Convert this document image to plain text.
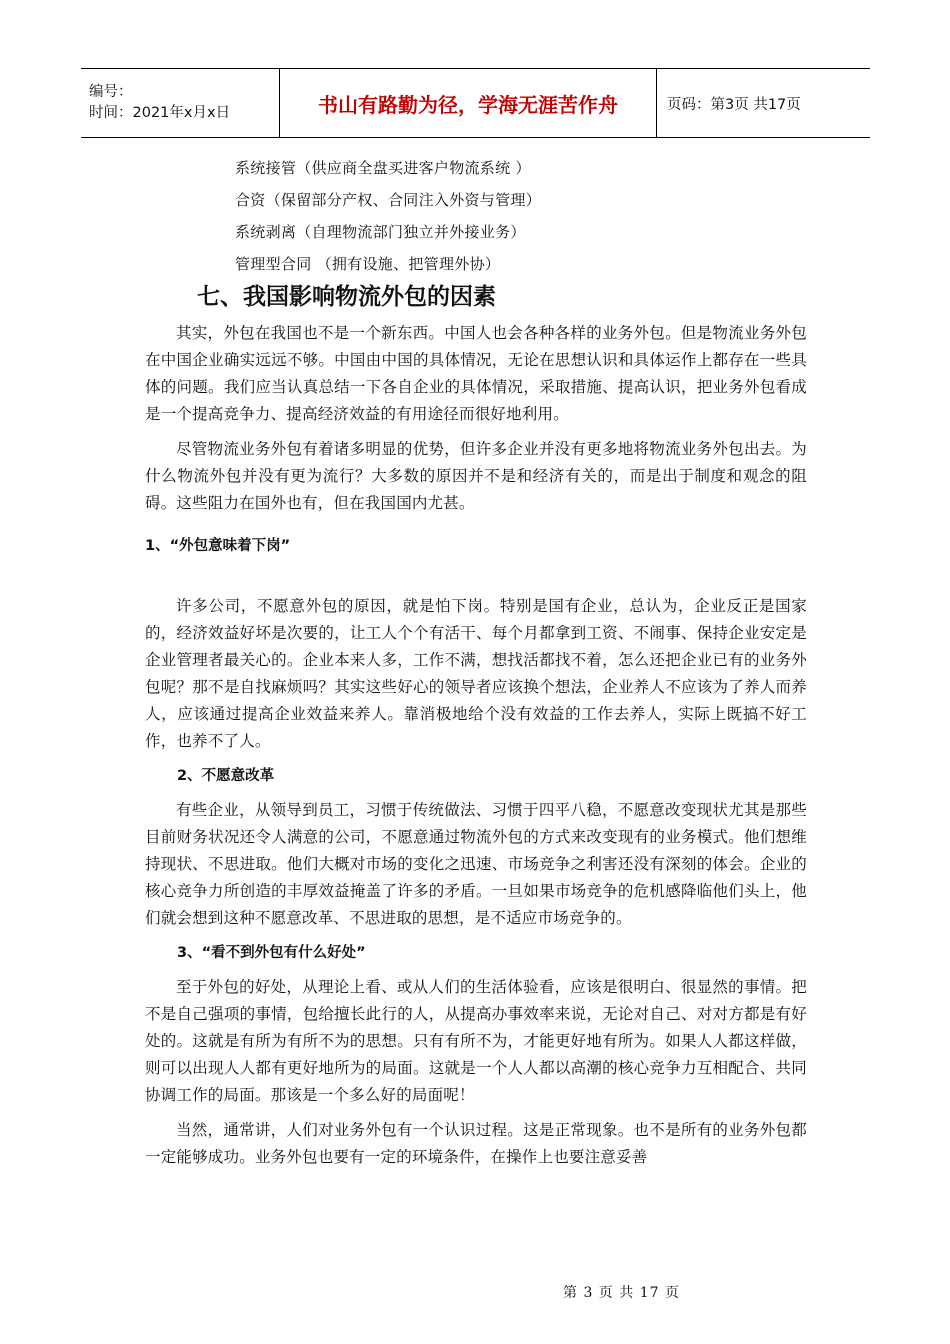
编号：
时间：2021年x月x日	书山有路勤为径，学海无涯苦作舟	页码：第3页 共17页
系统接管（供应商全盘买进客户物流系统 ）
合资（保留部分产权、合同注入外资与管理）
系统剥离（自理物流部门独立并外接业务）
管理型合同 （拥有设施、把管理外协）
七、我国影响物流外包的因素

其实，外包在我国也不是一个新东西。中国人也会各种各样的业务外包。但是物流业务外包在中国企业确实远远不够。中国由中国的具体情况，无论在思想认识和具体运作上都存在一些具体的问题。我们应当认真总结一下各自企业的具体情况，采取措施、提高认识，把业务外包看成是一个提高竞争力、提高经济效益的有用途径而很好地利用。

尽管物流业务外包有着诸多明显的优势，但许多企业并没有更多地将物流业务外包出去。为什么物流外包并没有更为流行？大多数的原因并不是和经济有关的，而是出于制度和观念的阻碍。这些阻力在国外也有，但在我国国内尤甚。

1、“外包意味着下岗”

许多公司，不愿意外包的原因，就是怕下岗。特别是国有企业，总认为，企业反正是国家的，经济效益好坏是次要的，让工人个个有活干、每个月都拿到工资、不闹事、保持企业安定是企业管理者最关心的。企业本来人多，工作不满，想找活都找不着，怎么还把企业已有的业务外包呢？那不是自找麻烦吗？其实这些好心的领导者应该换个想法，企业养人不应该为了养人而养人，应该通过提高企业效益来养人。靠消极地给个没有效益的工作去养人，实际上既搞不好工作，也养不了人。

2、不愿意改革

有些企业，从领导到员工，习惯于传统做法、习惯于四平八稳，不愿意改变现状尤其是那些目前财务状况还令人满意的公司，不愿意通过物流外包的方式来改变现有的业务模式。他们想维持现状、不思进取。他们大概对市场的变化之迅速、市场竞争之利害还没有深刻的体会。企业的核心竞争力所创造的丰厚效益掩盖了许多的矛盾。一旦如果市场竞争的危机感降临他们头上，他们就会想到这种不愿意改革、不思进取的思想，是不适应市场竞争的。

3、“看不到外包有什么好处”

至于外包的好处，从理论上看、或从人们的生活体验看，应该是很明白、很显然的事情。把不是自己强项的事情，包给擅长此行的人，从提高办事效率来说，无论对自己、对对方都是有好处的。这就是有所为有所不为的思想。只有有所不为，才能更好地有所为。如果人人都这样做，则可以出现人人都有更好地所为的局面。这就是一个人人都以高潮的核心竞争力互相配合、共同协调工作的局面。那该是一个多么好的局面呢！

当然，通常讲，人们对业务外包有一个认识过程。这是正常现象。也不是所有的业务外包都一定能够成功。业务外包也要有一定的环境条件，在操作上也要注意妥善

第 3 页 共 17 页
